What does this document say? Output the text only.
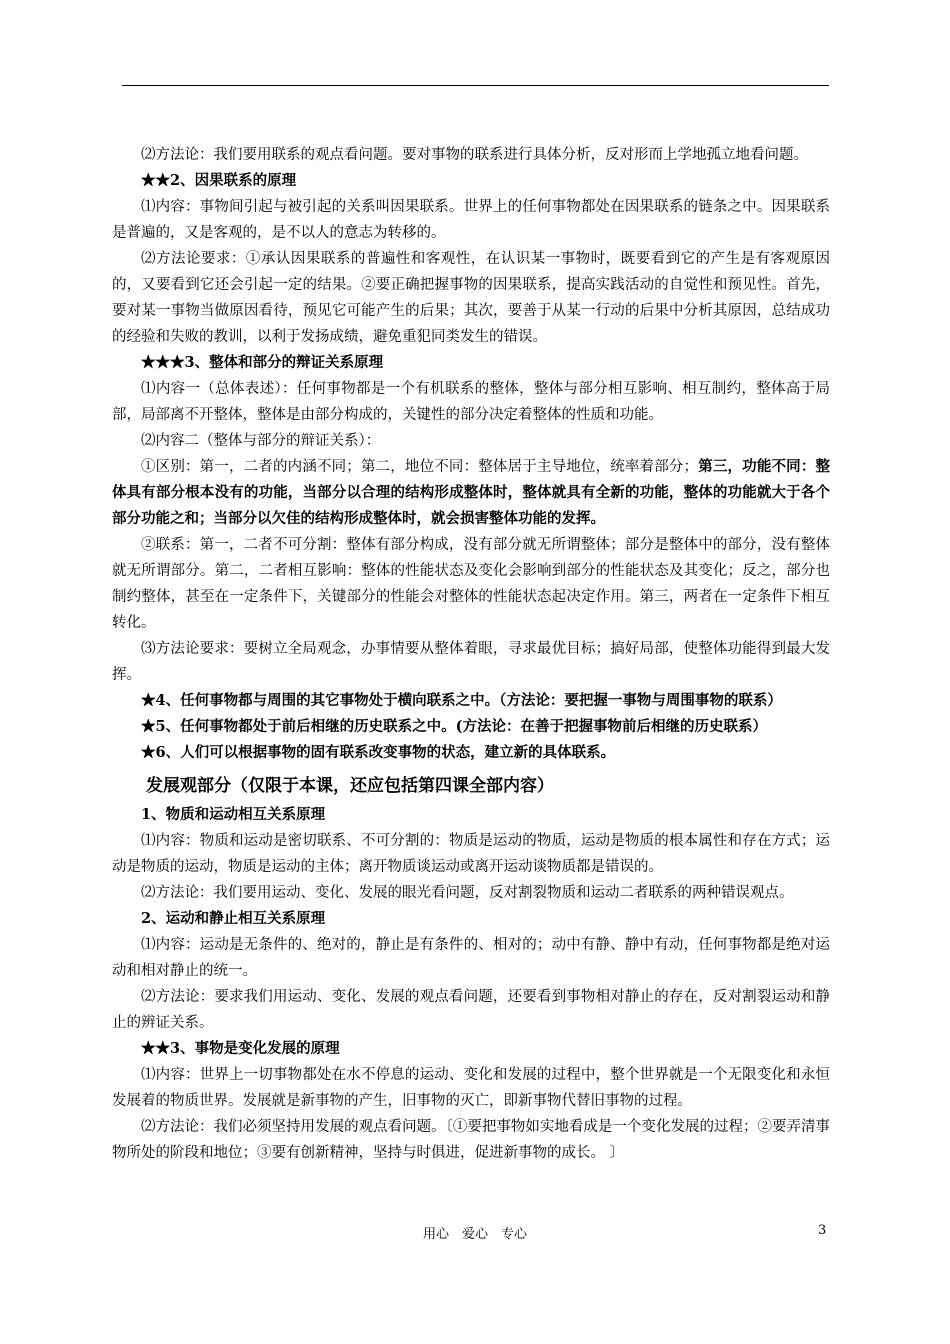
⑵方法论：我们要用联系的观点看问题。要对事物的联系进行具体分析，反对形而上学地孤立地看问题。

★★2、因果联系的原理

⑴内容：事物间引起与被引起的关系叫因果联系。世界上的任何事物都处在因果联系的链条之中。因果联系是普遍的，又是客观的，是不以人的意志为转移的。

⑵方法论要求：①承认因果联系的普遍性和客观性，在认识某一事物时，既要看到它的产生是有客观原因的，又要看到它还会引起一定的结果。②要正确把握事物的因果联系，提高实践活动的自觉性和预见性。首先，要对某一事物当做原因看待，预见它可能产生的后果；其次，要善于从某一行动的后果中分析其原因，总结成功的经验和失败的教训，以利于发扬成绩，避免重犯同类发生的错误。

★★★3、整体和部分的辩证关系原理

⑴内容一（总体表述）：任何事物都是一个有机联系的整体，整体与部分相互影响、相互制约，整体高于局部，局部离不开整体，整体是由部分构成的，关键性的部分决定着整体的性质和功能。

⑵内容二（整体与部分的辩证关系）：

①区别：第一，二者的内涵不同；第二，地位不同：整体居于主导地位，统率着部分；第三，功能不同：整体具有部分根本没有的功能，当部分以合理的结构形成整体时，整体就具有全新的功能，整体的功能就大于各个部分功能之和；当部分以欠佳的结构形成整体时，就会损害整体功能的发挥。

②联系：第一，二者不可分割：整体有部分构成，没有部分就无所谓整体；部分是整体中的部分，没有整体就无所谓部分。第二，二者相互影响：整体的性能状态及变化会影响到部分的性能状态及其变化；反之，部分也制约整体，甚至在一定条件下，关键部分的性能会对整体的性能状态起决定作用。第三，两者在一定条件下相互转化。

⑶方法论要求：要树立全局观念，办事情要从整体着眼，寻求最优目标；搞好局部，使整体功能得到最大发挥。

★4、任何事物都与周围的其它事物处于横向联系之中。（方法论：要把握一事物与周围事物的联系）

★5、任何事物都处于前后相继的历史联系之中。(方法论：在善于把握事物前后相继的历史联系）

★6、人们可以根据事物的固有联系改变事物的状态，建立新的具体联系。

发展观部分（仅限于本课，还应包括第四课全部内容）

1、物质和运动相互关系原理

⑴内容：物质和运动是密切联系、不可分割的：物质是运动的物质，运动是物质的根本属性和存在方式；运动是物质的运动，物质是运动的主体；离开物质谈运动或离开运动谈物质都是错误的。

⑵方法论：我们要用运动、变化、发展的眼光看问题，反对割裂物质和运动二者联系的两种错误观点。

2、运动和静止相互关系原理

⑴内容：运动是无条件的、绝对的，静止是有条件的、相对的；动中有静、静中有动，任何事物都是绝对运动和相对静止的统一。

⑵方法论：要求我们用运动、变化、发展的观点看问题，还要看到事物相对静止的存在，反对割裂运动和静止的辨证关系。

★★3、事物是变化发展的原理

⑴内容：世界上一切事物都处在水不停息的运动、变化和发展的过程中，整个世界就是一个无限变化和永恒发展着的物质世界。发展就是新事物的产生，旧事物的灭亡，即新事物代替旧事物的过程。

⑵方法论：我们必须坚持用发展的观点看问题。〔①要把事物如实地看成是一个变化发展的过程；②要弄清事物所处的阶段和地位；③要有创新精神，坚持与时俱进，促进新事物的成长。 〕

用心　爱心　专心	3
